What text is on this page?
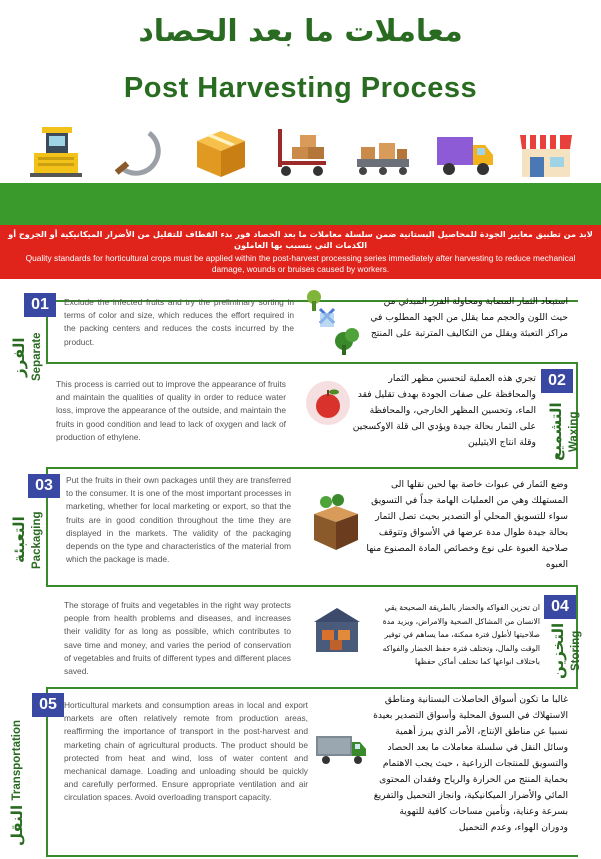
معاملات ما بعد الحصاد
Post Harvesting Process
لابد من تطبيق معايير الجودة للمحاصيل البستانية ضمن سلسلة معاملات ما بعد الحصاد فور بدء القطاف للتقليل من الأضرار الميكانيكية أو الجروح أو الكدمات التي يتسبب بها العاملون
Quality standards for horticultural crops must be applied within the post-harvest processing series immediately after harvesting to reduce mechanical damage, wounds or bruises caused by workers.
01
الفرز Separate
Exclude the infected fruits and try the preliminary sorting in terms of color and size, which reduces the effort required in the packing centers and reduces the costs incurred by the product.
استبعاد الثمار المصابة ومحاولة الفرز المبدئي من حيث اللون والحجم مما يقلل من الجهد المطلوب في مراكز التعبئة ويقلل من التكاليف المترتبة على المنتج
02
التشميع Waxing
This process is carried out to improve the appearance of fruits and maintain the qualities of quality in order to reduce water loss, improve the appearance of the outside, and maintain the fruits in good condition and lead to lack of oxygen and lack of production of ethylene.
تجري هذه العملية لتحسين مظهر الثمار والمحافظة على صفات الجودة بهدف تقليل فقد الماء، وتحسين المظهر الخارجي، والمحافظة على الثمار بحالة جيدة ويؤدي الى قلة الاوكسجين وقلة انتاج الايثيلين
03
التعبئة Packaging
Put the fruits in their own packages until they are transferred to the consumer. It is one of the most important processes in marketing, whether for local marketing or export, so that the fruits are in good condition throughout the time they are displayed in the markets. The validity of the packaging depends on the type and characteristics of the material from which the package is made.
وضع الثمار في عبوات خاصة بها لحين نقلها الى المستهلك وهي من العمليات الهامة جداً في التسويق سواء للتسويق المحلي أو التصدير بحيث تصل الثمار بحالة جيدة طوال مدة عرضها في الأسواق وتتوقف صلاحية العبوة على نوع وخصائص المادة المصنوع منها العبوه
04
التخزين Storing
The storage of fruits and vegetables in the right way protects people from health problems and diseases, and increases their validity for as long as possible, which contributes to save time and money, and varies the period of conservation of vegetables and fruits of different types and different places saved.
ان تخزين الفواكه والخضار بالطريقة الصحيحة يقي الانسان من المشاكل الصحية والامراض، ويزيد مدة صلاحيتها لأطول فترة ممكنة، مما يساهم في توفير الوقت والمال، وتختلف فترة حفظ الخضار والفواكه باختلاف انواعها كما تختلف أماكن حفظها
05
النقل Transportation
Horticultural markets and consumption areas in local and export markets are often relatively remote from production areas, reaffirming the importance of transport in the post-harvest and marketing chain of agricultural products. The product should be protected from heat and wind, loss of water content and mechanical damage. Loading and unloading should be quickly and carefully performed. Ensure appropriate ventilation and air circulation spaces. Avoid overloading transport capacity.
غالبا ما تكون أسواق الحاصلات البستانية ومناطق الاستهلاك في السوق المحلية وأسواق التصدير بعيدة نسبيا عن مناطق الإنتاج، الأمر الذي يبرز أهمية وسائل النقل في سلسلة معاملات ما بعد الحصاد والتسويق للمنتجات الزراعية ، حيث يجب الاهتمام بحماية المنتج من الحرارة والرياح وفقدان المحتوى المائي والأضرار الميكانيكية، وانجاز التحميل والتفريغ بسرعة وعناية، وتأمين مساحات كافية للتهوية ودوران الهواء، وعدم التحميل
